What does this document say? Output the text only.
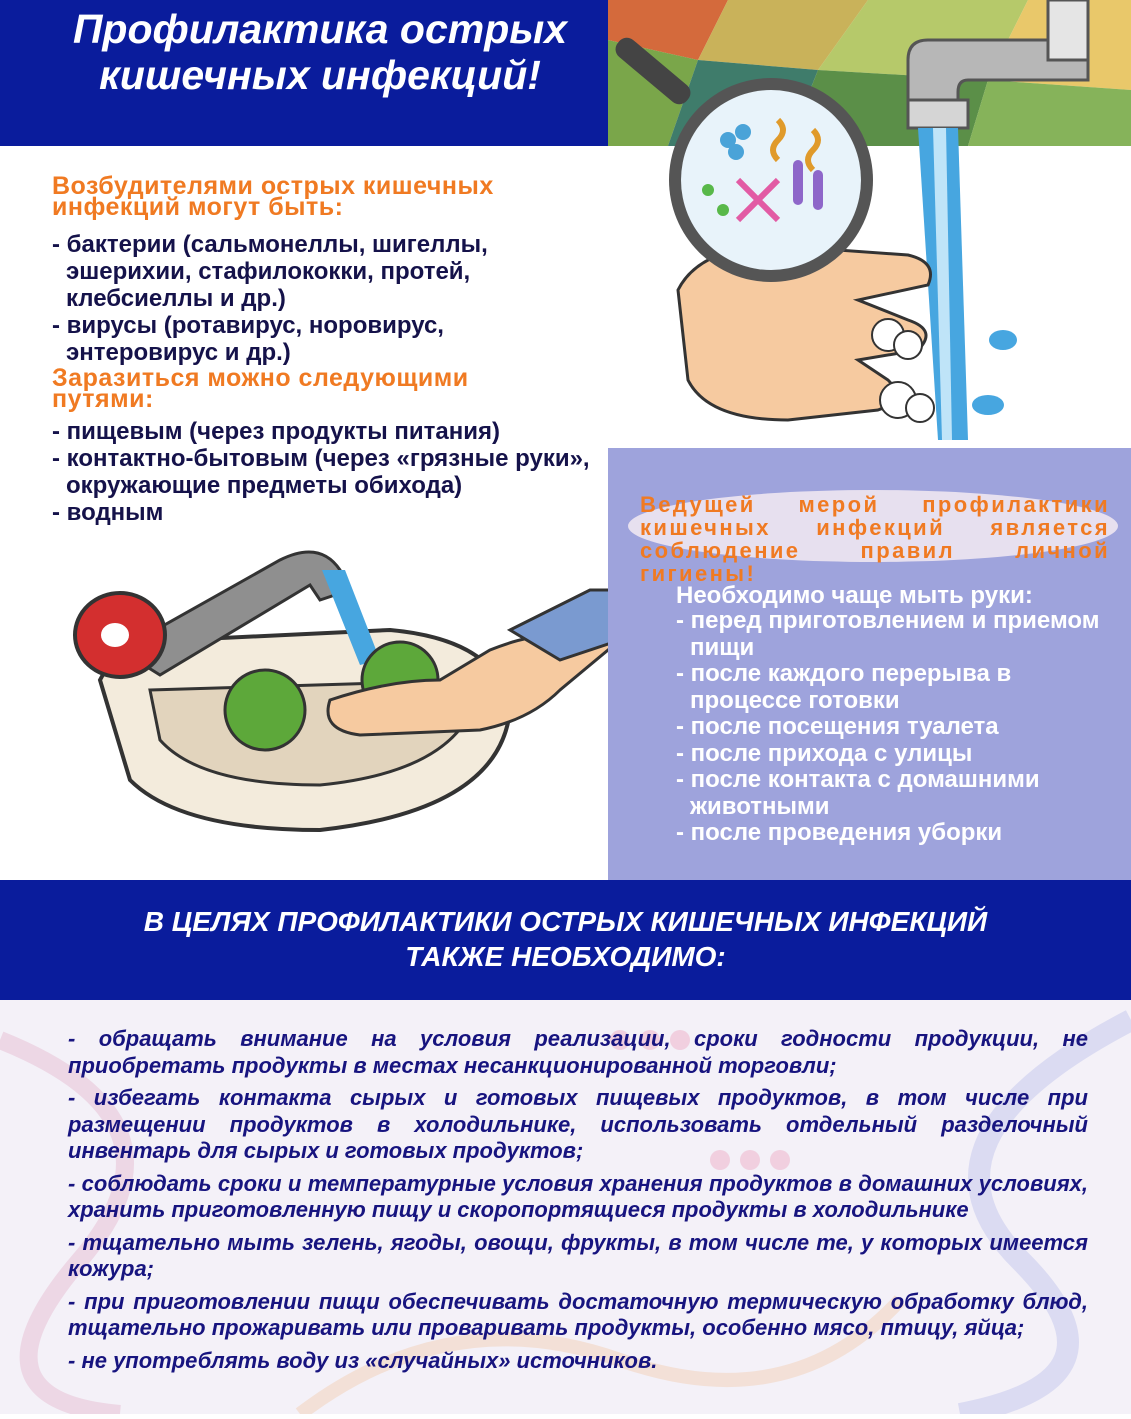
Профилактика острых
кишечных инфекций!
Возбудителями острых кишечных
инфекций могут быть:
- бактерии (сальмонеллы, шигеллы, эшерихии, стафилококки, протей, клебсиеллы и др.)
- вирусы (ротавирус, норовирус, энтеровирус и др.)
Заразиться можно следующими
путями:
- пищевым (через продукты питания)
- контактно-бытовым (через «грязные руки», окружающие предметы обихода)
- водным	Ведущей мерой профилактики кишечных инфекций является соблюдение правил личной гигиены!

Необходимо чаще мыть руки:

- перед приготовлением и приемом пищи
- после каждого перерыва в процессе готовки
- после посещения туалета
- после прихода с улицы
- после контакта с домашними животными
- после проведения уборки
В ЦЕЛЯХ ПРОФИЛАКТИКИ ОСТРЫХ КИШЕЧНЫХ ИНФЕКЦИЙ
ТАКЖЕ НЕОБХОДИМО:
- обращать внимание на условия реализации, сроки годности продукции, не приобретать продукты в местах несанкционированной торговли;
- избегать контакта сырых и готовых пищевых продуктов, в том числе при размещении продуктов в холодильнике, использовать отдельный разделочный инвентарь для сырых и готовых продуктов;
- соблюдать сроки и температурные условия хранения продуктов в домашних условиях, хранить приготовленную пищу и скоропортящиеся продукты в холодильнике
- тщательно мыть зелень, ягоды, овощи, фрукты, в том числе те, у которых имеется кожура;
- при приготовлении пищи обеспечивать достаточную термическую обработку блюд, тщательно прожаривать или проваривать продукты, особенно мясо, птицу, яйца;
- не употреблять воду из «случайных» источников.
